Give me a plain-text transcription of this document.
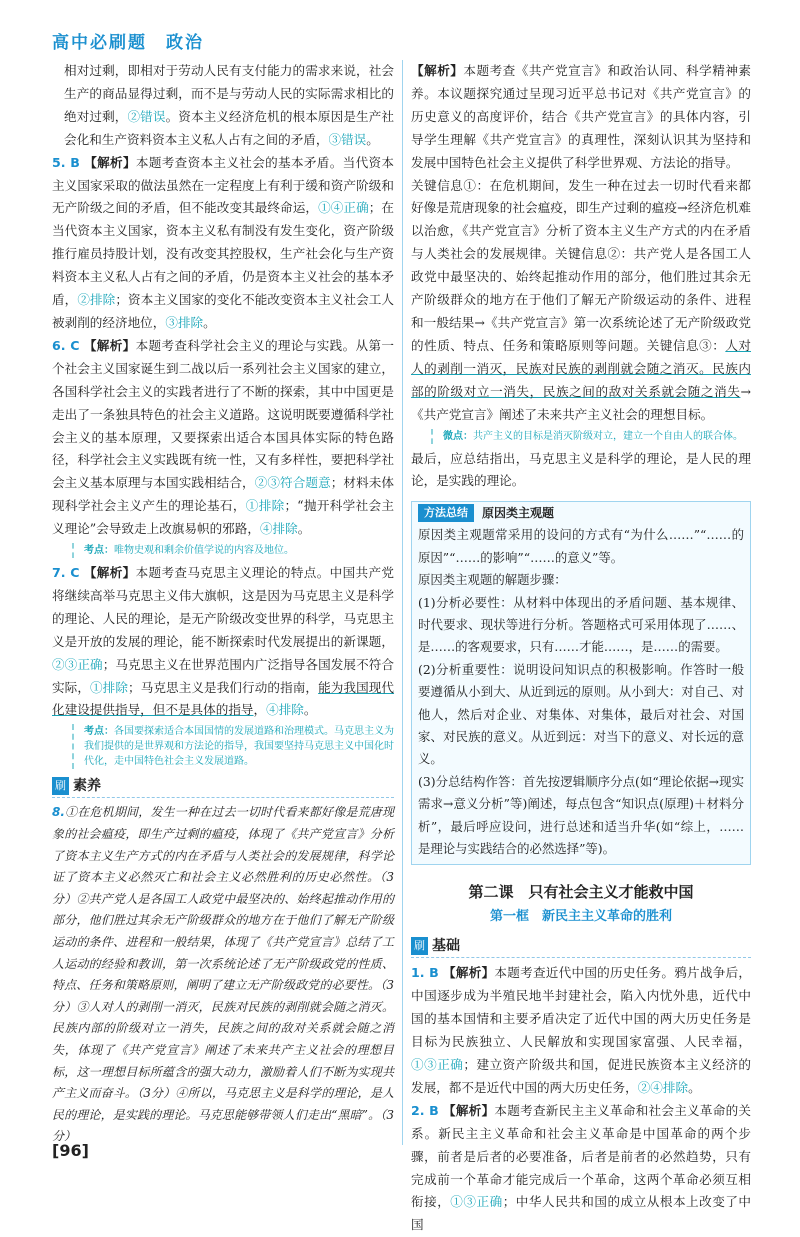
高中必刷题　政治

相对过剩，即相对于劳动人民有支付能力的需求来说，社会生产的商品显得过剩，而不是与劳动人民的实际需求相比的绝对过剩，②错误。资本主义经济危机的根本原因是生产社会化和生产资料资本主义私人占有之间的矛盾，③错误。

5. B 【解析】本题考查资本主义社会的基本矛盾。当代资本主义国家采取的做法虽然在一定程度上有利于缓和资产阶级和无产阶级之间的矛盾，但不能改变其最终命运，①④正确；在当代资本主义国家，资本主义私有制没有发生变化，资产阶级推行雇员持股计划，没有改变其控股权，生产社会化与生产资料资本主义私人占有之间的矛盾，仍是资本主义社会的基本矛盾，②排除；资本主义国家的变化不能改变资本主义社会工人被剥削的经济地位，③排除。

6. C 【解析】本题考查科学社会主义的理论与实践。从第一个社会主义国家诞生到二战以后一系列社会主义国家的建立，各国科学社会主义的实践者进行了不断的探索，其中中国更是走出了一条独具特色的社会主义道路。这说明既要遵循科学社会主义的基本原理，又要探索出适合本国具体实际的特色路径，科学社会主义实践既有统一性，又有多样性，要把科学社会主义基本原理与本国实践相结合，②③符合题意；材料未体现科学社会主义产生的理论基石，①排除；“抛开科学社会主义理论”会导致走上改旗易帜的邪路，④排除。

考点：唯物史观和剩余价值学说的内容及地位。

7. C 【解析】本题考查马克思主义理论的特点。中国共产党将继续高举马克思主义伟大旗帜，这是因为马克思主义是科学的理论、人民的理论，是无产阶级改变世界的科学，马克思主义是开放的发展的理论，能不断探索时代发展提出的新课题，②③正确；马克思主义在世界范围内广泛指导各国发展不符合实际，①排除；马克思主义是我们行动的指南，能为我国现代化建设提供指导，但不是具体的指导，④排除。

考点：各国要探索适合本国国情的发展道路和治理模式。马克思主义为我们提供的是世界观和方法论的指导，我国要坚持马克思主义中国化时代化，走中国特色社会主义发展道路。
刷 素养

8.①在危机期间，发生一种在过去一切时代看来都好像是荒唐现象的社会瘟疫，即生产过剩的瘟疫，体现了《共产党宣言》分析了资本主义生产方式的内在矛盾与人类社会的发展规律，科学论证了资本主义必然灭亡和社会主义必然胜利的历史必然性。（3分）②共产党人是各国工人政党中最坚决的、始终起推动作用的部分，他们胜过其余无产阶级群众的地方在于他们了解无产阶级运动的条件、进程和一般结果，体现了《共产党宣言》总结了工人运动的经验和教训，第一次系统论述了无产阶级政党的性质、特点、任务和策略原则，阐明了建立无产阶级政党的必要性。（3分）③人对人的剥削一消灭，民族对民族的剥削就会随之消灭。民族内部的阶级对立一消失，民族之间的敌对关系就会随之消失，体现了《共产党宣言》阐述了未来共产主义社会的理想目标，这一理想目标所蕴含的强大动力，激励着人们不断为实现共产主义而奋斗。（3分）④所以，马克思主义是科学的理论，是人民的理论，是实践的理论。马克思能够带领人们走出“黑暗”。（3分）

【解析】本题考查《共产党宣言》和政治认同、科学精神素养。本议题探究通过呈现习近平总书记对《共产党宣言》的历史意义的高度评价，结合《共产党宣言》的具体内容，引导学生理解《共产党宣言》的真理性，深刻认识其为坚持和发展中国特色社会主义提供了科学世界观、方法论的指导。

关键信息①：在危机期间，发生一种在过去一切时代看来都好像是荒唐现象的社会瘟疫，即生产过剩的瘟疫→经济危机难以治愈，《共产党宣言》分析了资本主义生产方式的内在矛盾与人类社会的发展规律。关键信息②：共产党人是各国工人政党中最坚决的、始终起推动作用的部分，他们胜过其余无产阶级群众的地方在于他们了解无产阶级运动的条件、进程和一般结果→《共产党宣言》第一次系统论述了无产阶级政党的性质、特点、任务和策略原则等问题。关键信息③：人对人的剥削一消灭，民族对民族的剥削就会随之消灭。民族内部的阶级对立一消失，民族之间的敌对关系就会随之消失→《共产党宣言》阐述了未来共产主义社会的理想目标。

微点：共产主义的目标是消灭阶级对立，建立一个自由人的联合体。

最后，应总结指出，马克思主义是科学的理论，是人民的理论，是实践的理论。

方法总结	原因类主观题

原因类主观题常采用的设问的方式有“为什么……”“……的原因”“……的影响”“……的意义”等。

原因类主观题的解题步骤：

(1)分析必要性：从材料中体现出的矛盾问题、基本规律、时代要求、现状等进行分析。答题格式可采用体现了……、是……的客观要求，只有……才能……，是……的需要。

(2)分析重要性：说明设问知识点的积极影响。作答时一般要遵循从小到大、从近到远的原则。从小到大：对自己、对他人，然后对企业、对集体、对集体，最后对社会、对国家、对民族的意义。从近到远：对当下的意义、对长远的意义。

(3)分总结构作答：首先按逻辑顺序分点(如“理论依据→现实需求→意义分析”等)阐述，每点包含“知识点(原理)＋材料分析”，最后呼应设问，进行总述和适当升华(如“综上，……是理论与实践结合的必然选择”等)。

第二课　只有社会主义才能救中国
第一框　新民主主义革命的胜利
刷 基础

1. B 【解析】本题考查近代中国的历史任务。鸦片战争后，中国逐步成为半殖民地半封建社会，陷入内忧外患，近代中国的基本国情和主要矛盾决定了近代中国的两大历史任务是目标为民族独立、人民解放和实现国家富强、人民幸福，①③正确；建立资产阶级共和国，促进民族资本主义经济的发展，都不是近代中国的两大历史任务，②④排除。

2. B 【解析】本题考查新民主主义革命和社会主义革命的关系。新民主主义革命和社会主义革命是中国革命的两个步骤，前者是后者的必要准备，后者是前者的必然趋势，只有完成前一个革命才能完成后一个革命，这两个革命必须互相衔接，①③正确；中华人民共和国的成立从根本上改变了中国

[96]
